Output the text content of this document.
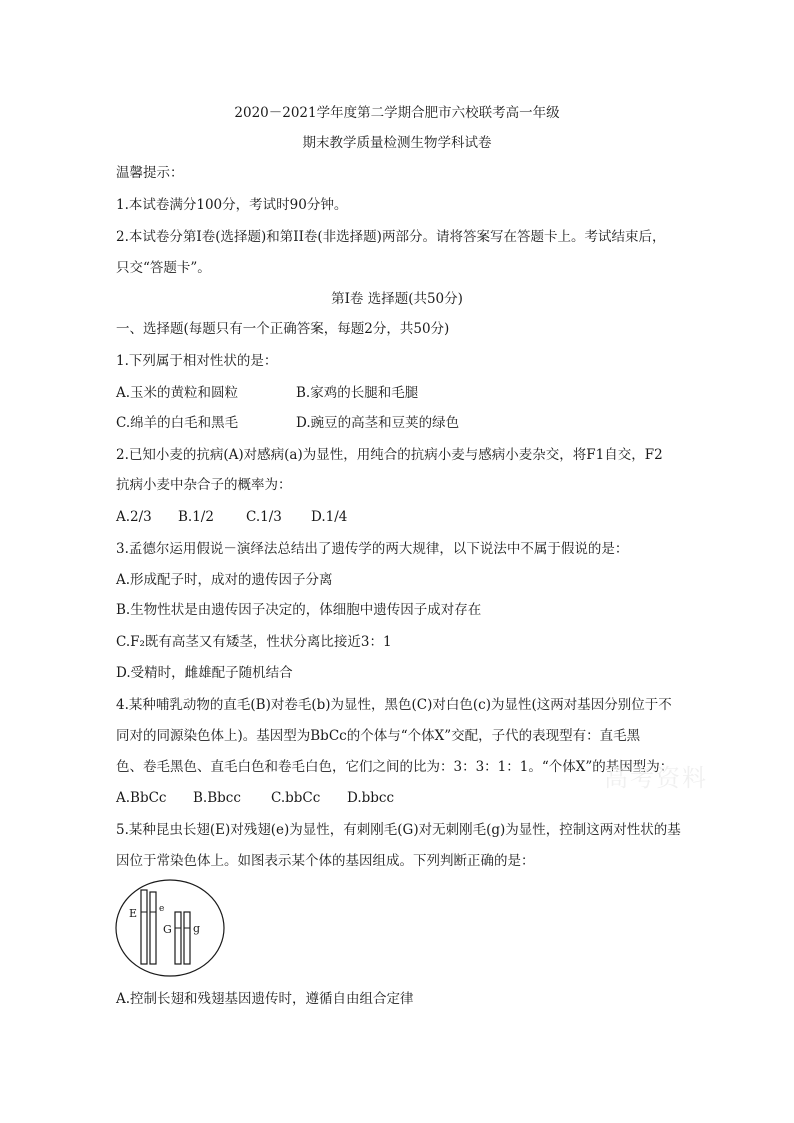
2020－2021学年度第二学期合肥市六校联考高一年级
期末教学质量检测生物学科试卷
温馨提示：
1.本试卷满分100分，考试时90分钟。
2.本试卷分第I卷(选择题)和第II卷(非选择题)两部分。请将答案写在答题卡上。考试结束后，
只交“答题卡”。
第I卷 选择题(共50分)
一、选择题(每题只有一个正确答案，每题2分，共50分)
1.下列属于相对性状的是：
A.玉米的黄粒和圆粒	B.家鸡的长腿和毛腿
C.绵羊的白毛和黑毛	D.豌豆的高茎和豆荚的绿色
2.已知小麦的抗病(A)对感病(a)为显性，用纯合的抗病小麦与感病小麦杂交，将F1自交，F2
抗病小麦中杂合子的概率为：
A.2/3 B.1/2 C.1/3 D.1/4
3.孟德尔运用假说－演绎法总结出了遗传学的两大规律，以下说法中不属于假说的是：
A.形成配子时，成对的遗传因子分离
B.生物性状是由遗传因子决定的，体细胞中遗传因子成对存在
C.F₂既有高茎又有矮茎，性状分离比接近3：1
D.受精时，雌雄配子随机结合
4.某种哺乳动物的直毛(B)对卷毛(b)为显性，黑色(C)对白色(c)为显性(这两对基因分别位于不
同对的同源染色体上)。基因型为BbCc的个体与“个体X”交配，子代的表现型有：直毛黑
色、卷毛黑色、直毛白色和卷毛白色，它们之间的比为：3：3：1：1。“个体X”的基因型为：
A.BbCc B.Bbcc C.bbCc D.bbcc
高考资料
5.某种昆虫长翅(E)对残翅(e)为显性，有刺刚毛(G)对无刺刚毛(g)为显性，控制这两对性状的基
因位于常染色体上。如图表示某个体的基因组成。下列判断正确的是：
E e
G g
A.控制长翅和残翅基因遗传时，遵循自由组合定律
